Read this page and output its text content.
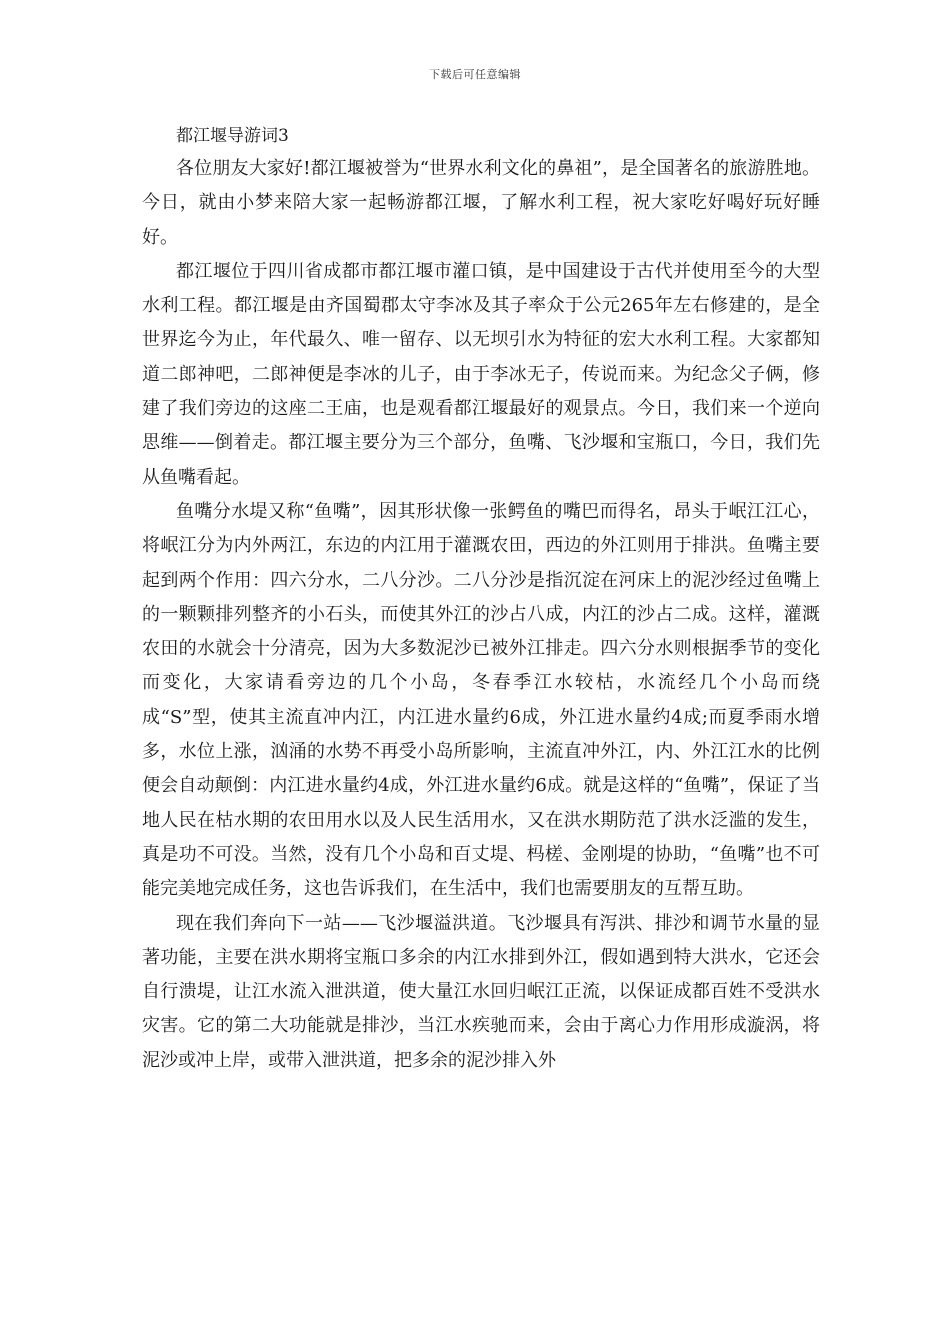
下载后可任意编辑
都江堰导游词3

各位朋友大家好!都江堰被誉为“世界水利文化的鼻祖”，是全国著名的旅游胜地。今日，就由小梦来陪大家一起畅游都江堰，了解水利工程，祝大家吃好喝好玩好睡好。

都江堰位于四川省成都市都江堰市灌口镇，是中国建设于古代并使用至今的大型水利工程。都江堰是由齐国蜀郡太守李冰及其子率众于公元265年左右修建的，是全世界迄今为止，年代最久、唯一留存、以无坝引水为特征的宏大水利工程。大家都知道二郎神吧，二郎神便是李冰的儿子，由于李冰无子，传说而来。为纪念父子俩，修建了我们旁边的这座二王庙，也是观看都江堰最好的观景点。今日，我们来一个逆向思维——倒着走。都江堰主要分为三个部分，鱼嘴、飞沙堰和宝瓶口，今日，我们先从鱼嘴看起。

鱼嘴分水堤又称“鱼嘴”，因其形状像一张鳄鱼的嘴巴而得名，昂头于岷江江心，将岷江分为内外两江，东边的内江用于灌溉农田，西边的外江则用于排洪。鱼嘴主要起到两个作用：四六分水，二八分沙。二八分沙是指沉淀在河床上的泥沙经过鱼嘴上的一颗颗排列整齐的小石头，而使其外江的沙占八成，内江的沙占二成。这样，灌溉农田的水就会十分清亮，因为大多数泥沙已被外江排走。四六分水则根据季节的变化而变化，大家请看旁边的几个小岛，冬春季江水较枯，水流经几个小岛而绕成“S”型，使其主流直冲内江，内江进水量约6成，外江进水量约4成;而夏季雨水增多，水位上涨，汹涌的水势不再受小岛所影响，主流直冲外江，内、外江江水的比例便会自动颠倒：内江进水量约4成，外江进水量约6成。就是这样的“鱼嘴”，保证了当地人民在枯水期的农田用水以及人民生活用水，又在洪水期防范了洪水泛滥的发生，真是功不可没。当然，没有几个小岛和百丈堤、杩槎、金刚堤的协助，“鱼嘴”也不可能完美地完成任务，这也告诉我们，在生活中，我们也需要朋友的互帮互助。

现在我们奔向下一站——飞沙堰溢洪道。飞沙堰具有泻洪、排沙和调节水量的显著功能，主要在洪水期将宝瓶口多余的内江水排到外江，假如遇到特大洪水，它还会自行溃堤，让江水流入泄洪道，使大量江水回归岷江正流，以保证成都百姓不受洪水灾害。它的第二大功能就是排沙，当江水疾驰而来，会由于离心力作用形成漩涡，将泥沙或冲上岸，或带入泄洪道，把多余的泥沙排入外
